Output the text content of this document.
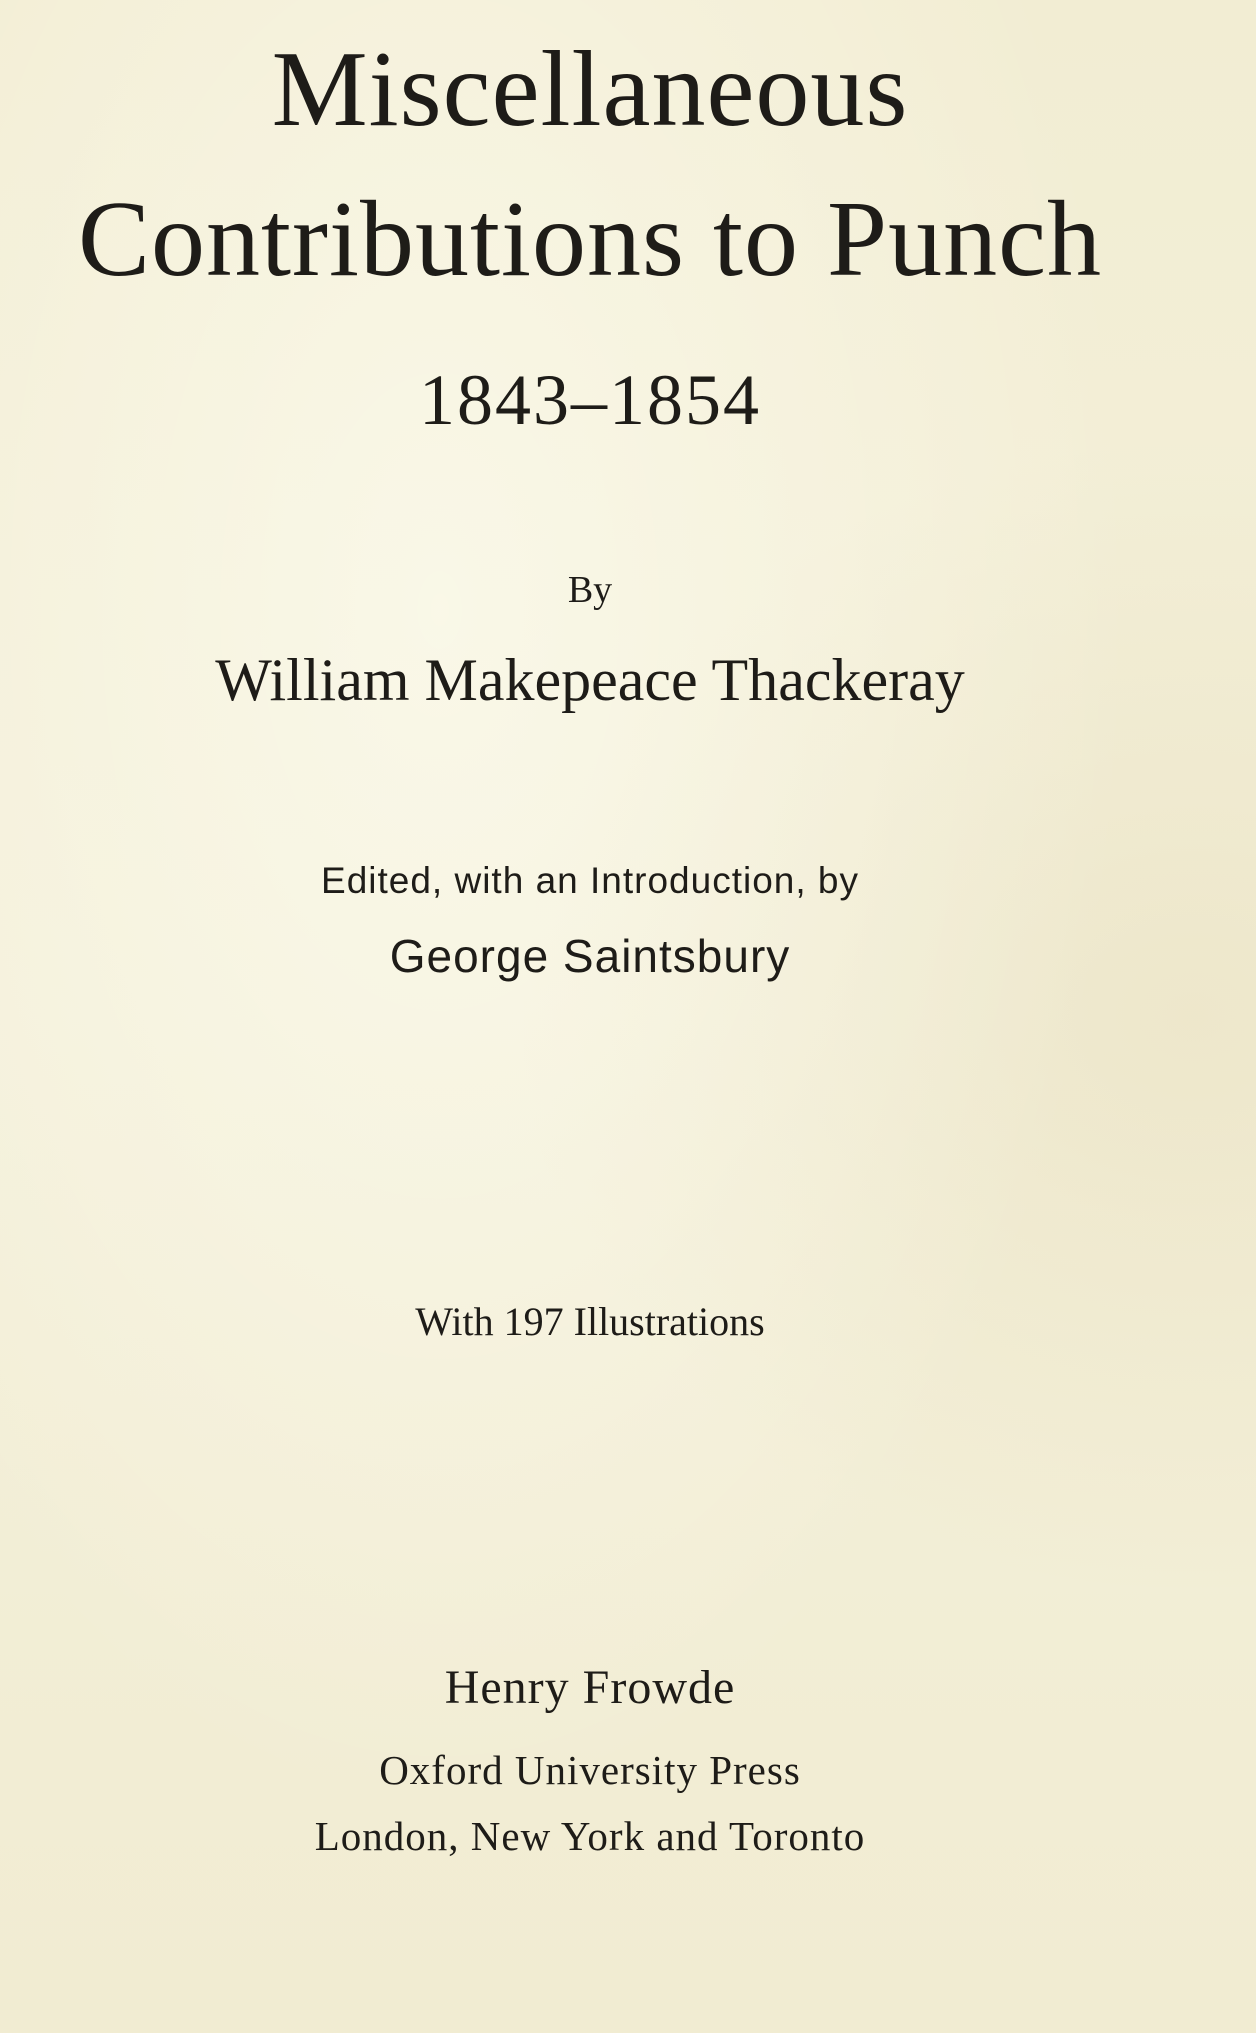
Miscellaneous
Contributions to Punch
1843–1854
By
William Makepeace Thackeray
Edited, with an Introduction, by
George Saintsbury
With 197 Illustrations
Henry Frowde
Oxford University Press
London, New York and Toronto
